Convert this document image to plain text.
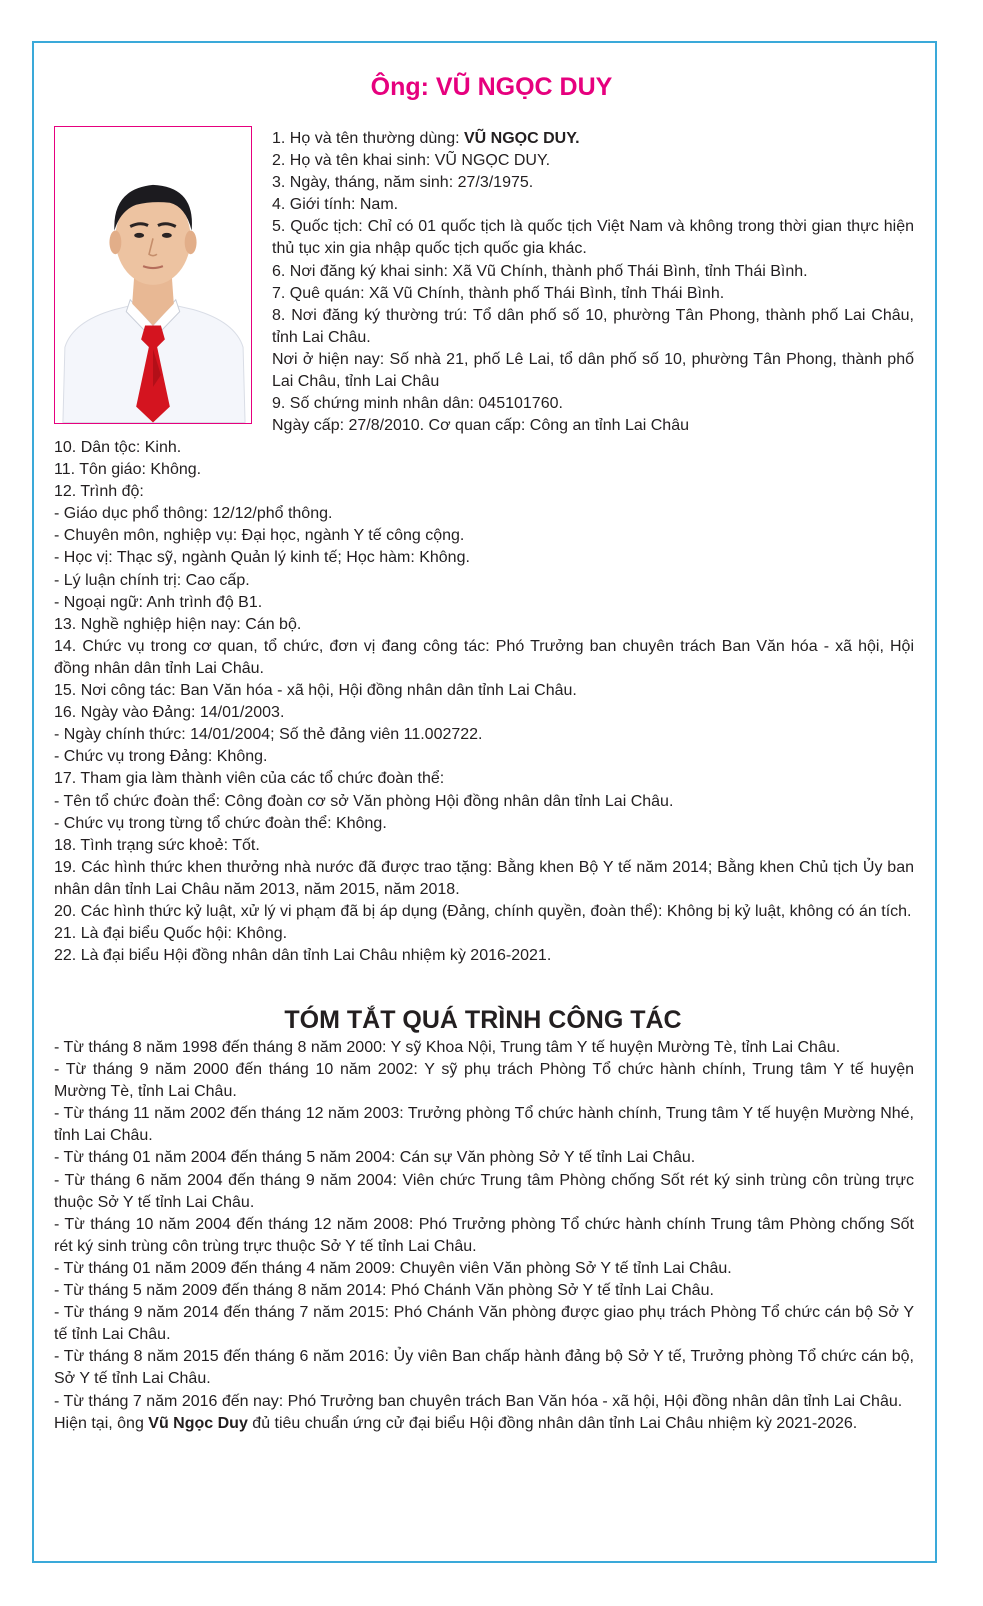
Ông: VŨ NGỌC DUY
1. Họ và tên thường dùng: VŨ NGỌC DUY.
2. Họ và tên khai sinh: VŨ NGỌC DUY.
3. Ngày, tháng, năm sinh: 27/3/1975.
4. Giới tính: Nam.
5. Quốc tịch: Chỉ có 01 quốc tịch là quốc tịch Việt Nam và không trong thời gian thực hiện thủ tục xin gia nhập quốc tịch quốc gia khác.
6. Nơi đăng ký khai sinh: Xã Vũ Chính, thành phố Thái Bình, tỉnh Thái Bình.
7. Quê quán: Xã Vũ Chính, thành phố Thái Bình, tỉnh Thái Bình.
8. Nơi đăng ký thường trú: Tổ dân phố số 10, phường Tân Phong, thành phố Lai Châu, tỉnh Lai Châu.
Nơi ở hiện nay: Số nhà 21, phố Lê Lai, tổ dân phố số 10, phường Tân Phong, thành phố Lai Châu, tỉnh Lai Châu
9. Số chứng minh nhân dân: 045101760.
Ngày cấp: 27/8/2010. Cơ quan cấp: Công an tỉnh Lai Châu
10. Dân tộc: Kinh.
11. Tôn giáo: Không.
12. Trình độ:
- Giáo dục phổ thông: 12/12/phổ thông.
- Chuyên môn, nghiệp vụ: Đại học, ngành Y tế công cộng.
- Học vị: Thạc sỹ, ngành Quản lý kinh tế; Học hàm: Không.
- Lý luận chính trị: Cao cấp.
- Ngoại ngữ: Anh trình độ B1.
13. Nghề nghiệp hiện nay: Cán bộ.
14. Chức vụ trong cơ quan, tổ chức, đơn vị đang công tác: Phó Trưởng ban chuyên trách Ban Văn hóa - xã hội, Hội đồng nhân dân tỉnh Lai Châu.
15. Nơi công tác: Ban Văn hóa - xã hội, Hội đồng nhân dân tỉnh Lai Châu.
16. Ngày vào Đảng: 14/01/2003.
- Ngày chính thức: 14/01/2004; Số thẻ đảng viên 11.002722.
- Chức vụ trong Đảng: Không.
17. Tham gia làm thành viên của các tổ chức đoàn thể:
- Tên tổ chức đoàn thể: Công đoàn cơ sở Văn phòng Hội đồng nhân dân tỉnh Lai Châu.
- Chức vụ trong từng tổ chức đoàn thể: Không.
18. Tình trạng sức khoẻ: Tốt.
19. Các hình thức khen thưởng nhà nước đã được trao tặng: Bằng khen Bộ Y tế năm 2014; Bằng khen Chủ tịch Ủy ban nhân dân tỉnh Lai Châu năm 2013, năm 2015, năm 2018.
20. Các hình thức kỷ luật, xử lý vi phạm đã bị áp dụng (Đảng, chính quyền, đoàn thể): Không bị kỷ luật, không có án tích.
21. Là đại biểu Quốc hội: Không.
22. Là đại biểu Hội đồng nhân dân tỉnh Lai Châu nhiệm kỳ 2016-2021.
TÓM TẮT QUÁ TRÌNH CÔNG TÁC
- Từ tháng 8 năm 1998 đến tháng 8 năm 2000: Y sỹ Khoa Nội, Trung tâm Y tế huyện Mường Tè, tỉnh Lai Châu.
- Từ tháng 9 năm 2000 đến tháng 10 năm 2002: Y sỹ phụ trách Phòng Tổ chức hành chính, Trung tâm Y tế huyện Mường Tè, tỉnh Lai Châu.
- Từ tháng 11 năm 2002 đến tháng 12 năm 2003: Trưởng phòng Tổ chức hành chính, Trung tâm Y tế huyện Mường Nhé, tỉnh Lai Châu.
- Từ tháng 01 năm 2004 đến tháng 5 năm 2004: Cán sự Văn phòng Sở Y tế tỉnh Lai Châu.
- Từ tháng 6 năm 2004 đến tháng 9 năm 2004: Viên chức Trung tâm Phòng chống Sốt rét ký sinh trùng côn trùng trực thuộc Sở Y tế tỉnh Lai Châu.
- Từ tháng 10 năm 2004 đến tháng 12 năm 2008: Phó Trưởng phòng Tổ chức hành chính Trung tâm Phòng chống Sốt rét ký sinh trùng côn trùng trực thuộc Sở Y tế tỉnh Lai Châu.
- Từ tháng 01 năm 2009 đến tháng 4 năm 2009: Chuyên viên Văn phòng Sở Y tế tỉnh Lai Châu.
- Từ tháng 5 năm 2009 đến tháng 8 năm 2014: Phó Chánh Văn phòng Sở Y tế tỉnh Lai Châu.
- Từ tháng 9 năm 2014 đến tháng 7 năm 2015: Phó Chánh Văn phòng được giao phụ trách Phòng Tổ chức cán bộ Sở Y tế tỉnh Lai Châu.
- Từ tháng 8 năm 2015 đến tháng 6 năm 2016: Ủy viên Ban chấp hành đảng bộ Sở Y tế, Trưởng phòng Tổ chức cán bộ, Sở Y tế tỉnh Lai Châu.
- Từ tháng 7 năm 2016 đến nay: Phó Trưởng ban chuyên trách Ban Văn hóa - xã hội, Hội đồng nhân dân tỉnh Lai Châu.
Hiện tại, ông Vũ Ngọc Duy đủ tiêu chuẩn ứng cử đại biểu Hội đồng nhân dân tỉnh Lai Châu nhiệm kỳ 2021-2026.
